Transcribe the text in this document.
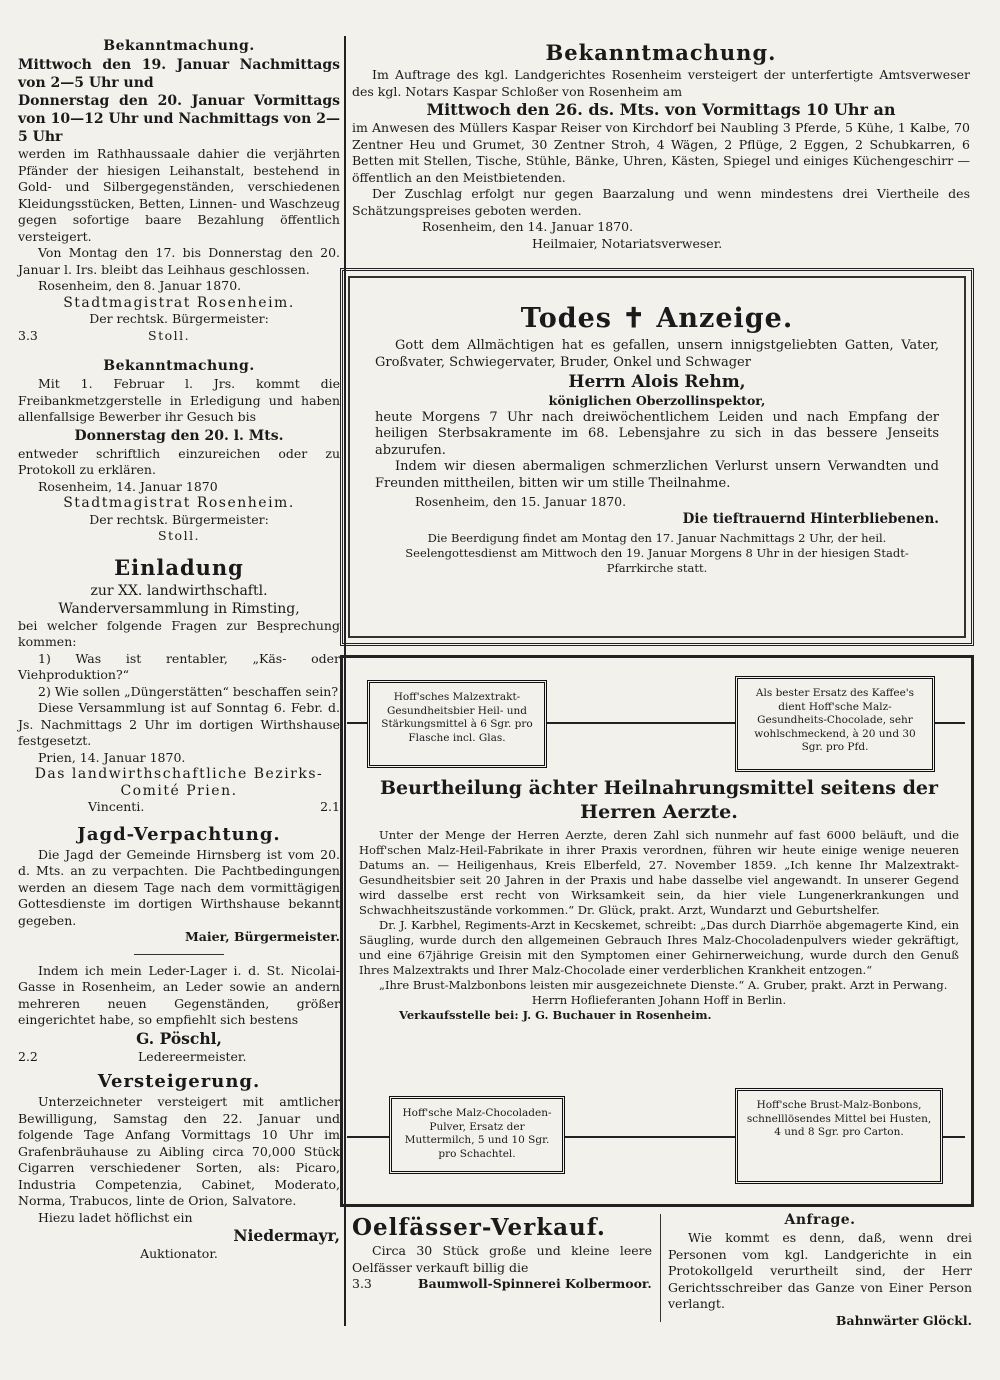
Bekanntmachung.

Mittwoch den 19. Januar Nachmittags von 2—5 Uhr und

Donnerstag den 20. Januar Vormittags von 10—12 Uhr und Nachmittags von 2—5 Uhr

werden im Rathhaussaale dahier die verjährten Pfänder der hiesigen Leihanstalt, bestehend in Gold- und Silbergegenständen, verschiedenen Kleidungsstücken, Betten, Linnen- und Waschzeug gegen sofortige baare Bezahlung öffentlich versteigert.

Von Montag den 17. bis Donnerstag den 20. Januar l. Irs. bleibt das Leihhaus geschlossen.

Rosenheim, den 8. Januar 1870.

Stadtmagistrat Rosenheim.

Der rechtsk. Bürgermeister:

3.3	Stoll.

Bekanntmachung.

Mit 1. Februar l. Jrs. kommt die Freibankmetzgerstelle in Erledigung und haben allenfallsige Bewerber ihr Gesuch bis

Donnerstag den 20. l. Mts.

entweder schriftlich einzureichen oder zu Protokoll zu erklären.

Rosenheim, 14. Januar 1870

Stadtmagistrat Rosenheim.

Der rechtsk. Bürgermeister:

Stoll.

Einladung

zur XX. landwirthschaftl. Wanderversammlung in Rimsting,

bei welcher folgende Fragen zur Besprechung kommen:

1) Was ist rentabler, „Käs- oder Viehproduktion?“

2) Wie sollen „Düngerstätten“ beschaffen sein?

Diese Versammlung ist auf Sonntag 6. Febr. d. Js. Nachmittags 2 Uhr im dortigen Wirthshause festgesetzt.

Prien, 14. Januar 1870.

Das landwirthschaftliche Bezirks-Comité Prien.

Vincenti.	2.1

Jagd-Verpachtung.

Die Jagd der Gemeinde Hirnsberg ist vom 20. d. Mts. an zu verpachten. Die Pachtbedingungen werden an diesem Tage nach dem vormittägigen Gottesdienste im dortigen Wirthshause bekannt gegeben.

Maier, Bürgermeister.

Indem ich mein Leder-Lager i. d. St. Nicolai-Gasse in Rosenheim, an Leder sowie an andern mehreren neuen Gegenständen, größer eingerichtet habe, so empfiehlt sich bestens

G. Pöschl,

2.2	Ledereermeister.

Versteigerung.

Unterzeichneter versteigert mit amtlicher Bewilligung, Samstag den 22. Januar und folgende Tage Anfang Vormittags 10 Uhr im Grafenbräuhause zu Aibling circa 70,000 Stück Cigarren verschiedener Sorten, als: Picaro, Industria Competenzia, Cabinet, Moderato, Norma, Trabucos, linte de Orion, Salvatore.

Hiezu ladet höflichst ein

Niedermayr,

Auktionator.

Bekanntmachung.

Im Auftrage des kgl. Landgerichtes Rosenheim versteigert der unterfertigte Amtsverweser des kgl. Notars Kaspar Schloßer von Rosenheim am

Mittwoch den 26. ds. Mts. von Vormittags 10 Uhr an

im Anwesen des Müllers Kaspar Reiser von Kirchdorf bei Naubling 3 Pferde, 5 Kühe, 1 Kalbe, 70 Zentner Heu und Grumet, 30 Zentner Stroh, 4 Wägen, 2 Pflüge, 2 Eggen, 2 Schubkarren, 6 Betten mit Stellen, Tische, Stühle, Bänke, Uhren, Kästen, Spiegel und einiges Küchengeschirr — öffentlich an den Meistbietenden.

Der Zuschlag erfolgt nur gegen Baarzalung und wenn mindestens drei Viertheile des Schätzungspreises geboten werden.

Rosenheim, den 14. Januar 1870.

Heilmaier, Notariatsverweser.

Todes ✝ Anzeige.

Gott dem Allmächtigen hat es gefallen, unsern innigstgeliebten Gatten, Vater, Großvater, Schwiegervater, Bruder, Onkel und Schwager

Herrn Alois Rehm,

königlichen Oberzollinspektor,

heute Morgens 7 Uhr nach dreiwöchentlichem Leiden und nach Empfang der heiligen Sterbsakramente im 68. Lebensjahre zu sich in das bessere Jenseits abzurufen.

Indem wir diesen abermaligen schmerzlichen Verlurst unsern Verwandten und Freunden mittheilen, bitten wir um stille Theilnahme.

Rosenheim, den 15. Januar 1870.

Die tieftrauernd Hinterbliebenen.

Die Beerdigung findet am Montag den 17. Januar Nachmittags 2 Uhr, der heil. Seelengottesdienst am Mittwoch den 19. Januar Morgens 8 Uhr in der hiesigen Stadt-Pfarrkirche statt.

Hoff'sches Malzextrakt-Gesundheitsbier Heil- und Stärkungsmittel à 6 Sgr. pro Flasche incl. Glas.
Als bester Ersatz des Kaffee's dient Hoff'sche Malz-Gesundheits-Chocolade, sehr wohlschmeckend, à 20 und 30 Sgr. pro Pfd.

Beurtheilung ächter Heilnahrungsmittel seitens der

Herren Aerzte.

Unter der Menge der Herren Aerzte, deren Zahl sich nunmehr auf fast 6000 beläuft, und die Hoff'schen Malz-Heil-Fabrikate in ihrer Praxis verordnen, führen wir heute einige wenige neueren Datums an. — Heiligenhaus, Kreis Elberfeld, 27. November 1859. „Ich kenne Ihr Malzextrakt-Gesundheitsbier seit 20 Jahren in der Praxis und habe dasselbe viel angewandt. In unserer Gegend wird dasselbe erst recht von Wirksamkeit sein, da hier viele Lungenerkrankungen und Schwachheitszustände vorkommen.“ Dr. Glück, prakt. Arzt, Wundarzt und Geburtshelfer.

Dr. J. Karbhel, Regiments-Arzt in Kecskemet, schreibt: „Das durch Diarrhöe abgemagerte Kind, ein Säugling, wurde durch den allgemeinen Gebrauch Ihres Malz-Chocoladenpulvers wieder gekräftigt, und eine 67jährige Greisin mit den Symptomen einer Gehirnerweichung, wurde durch den Genuß Ihres Malzextrakts und Ihrer Malz-Chocolade einer verderblichen Krankheit entzogen.“

„Ihre Brust-Malzbonbons leisten mir ausgezeichnete Dienste.“ A. Gruber, prakt. Arzt in Perwang.

Herrn Hoflieferanten Johann Hoff in Berlin.

Verkaufsstelle bei: J. G. Buchauer in Rosenheim.

Hoff'sche Malz-Chocoladen-Pulver, Ersatz der Muttermilch, 5 und 10 Sgr. pro Schachtel.
Hoff'sche Brust-Malz-Bonbons, schnelllösendes Mittel bei Husten, 4 und 8 Sgr. pro Carton.

Oelfässer-Verkauf.

Circa 30 Stück große und kleine leere Oelfässer verkauft billig die

3.3	Baumwoll-Spinnerei Kolbermoor.

Anfrage.

Wie kommt es denn, daß, wenn drei Personen vom kgl. Landgerichte in ein Protokollgeld verurtheilt sind, der Herr Gerichtsschreiber das Ganze von Einer Person verlangt.

Bahnwärter Glöckl.
